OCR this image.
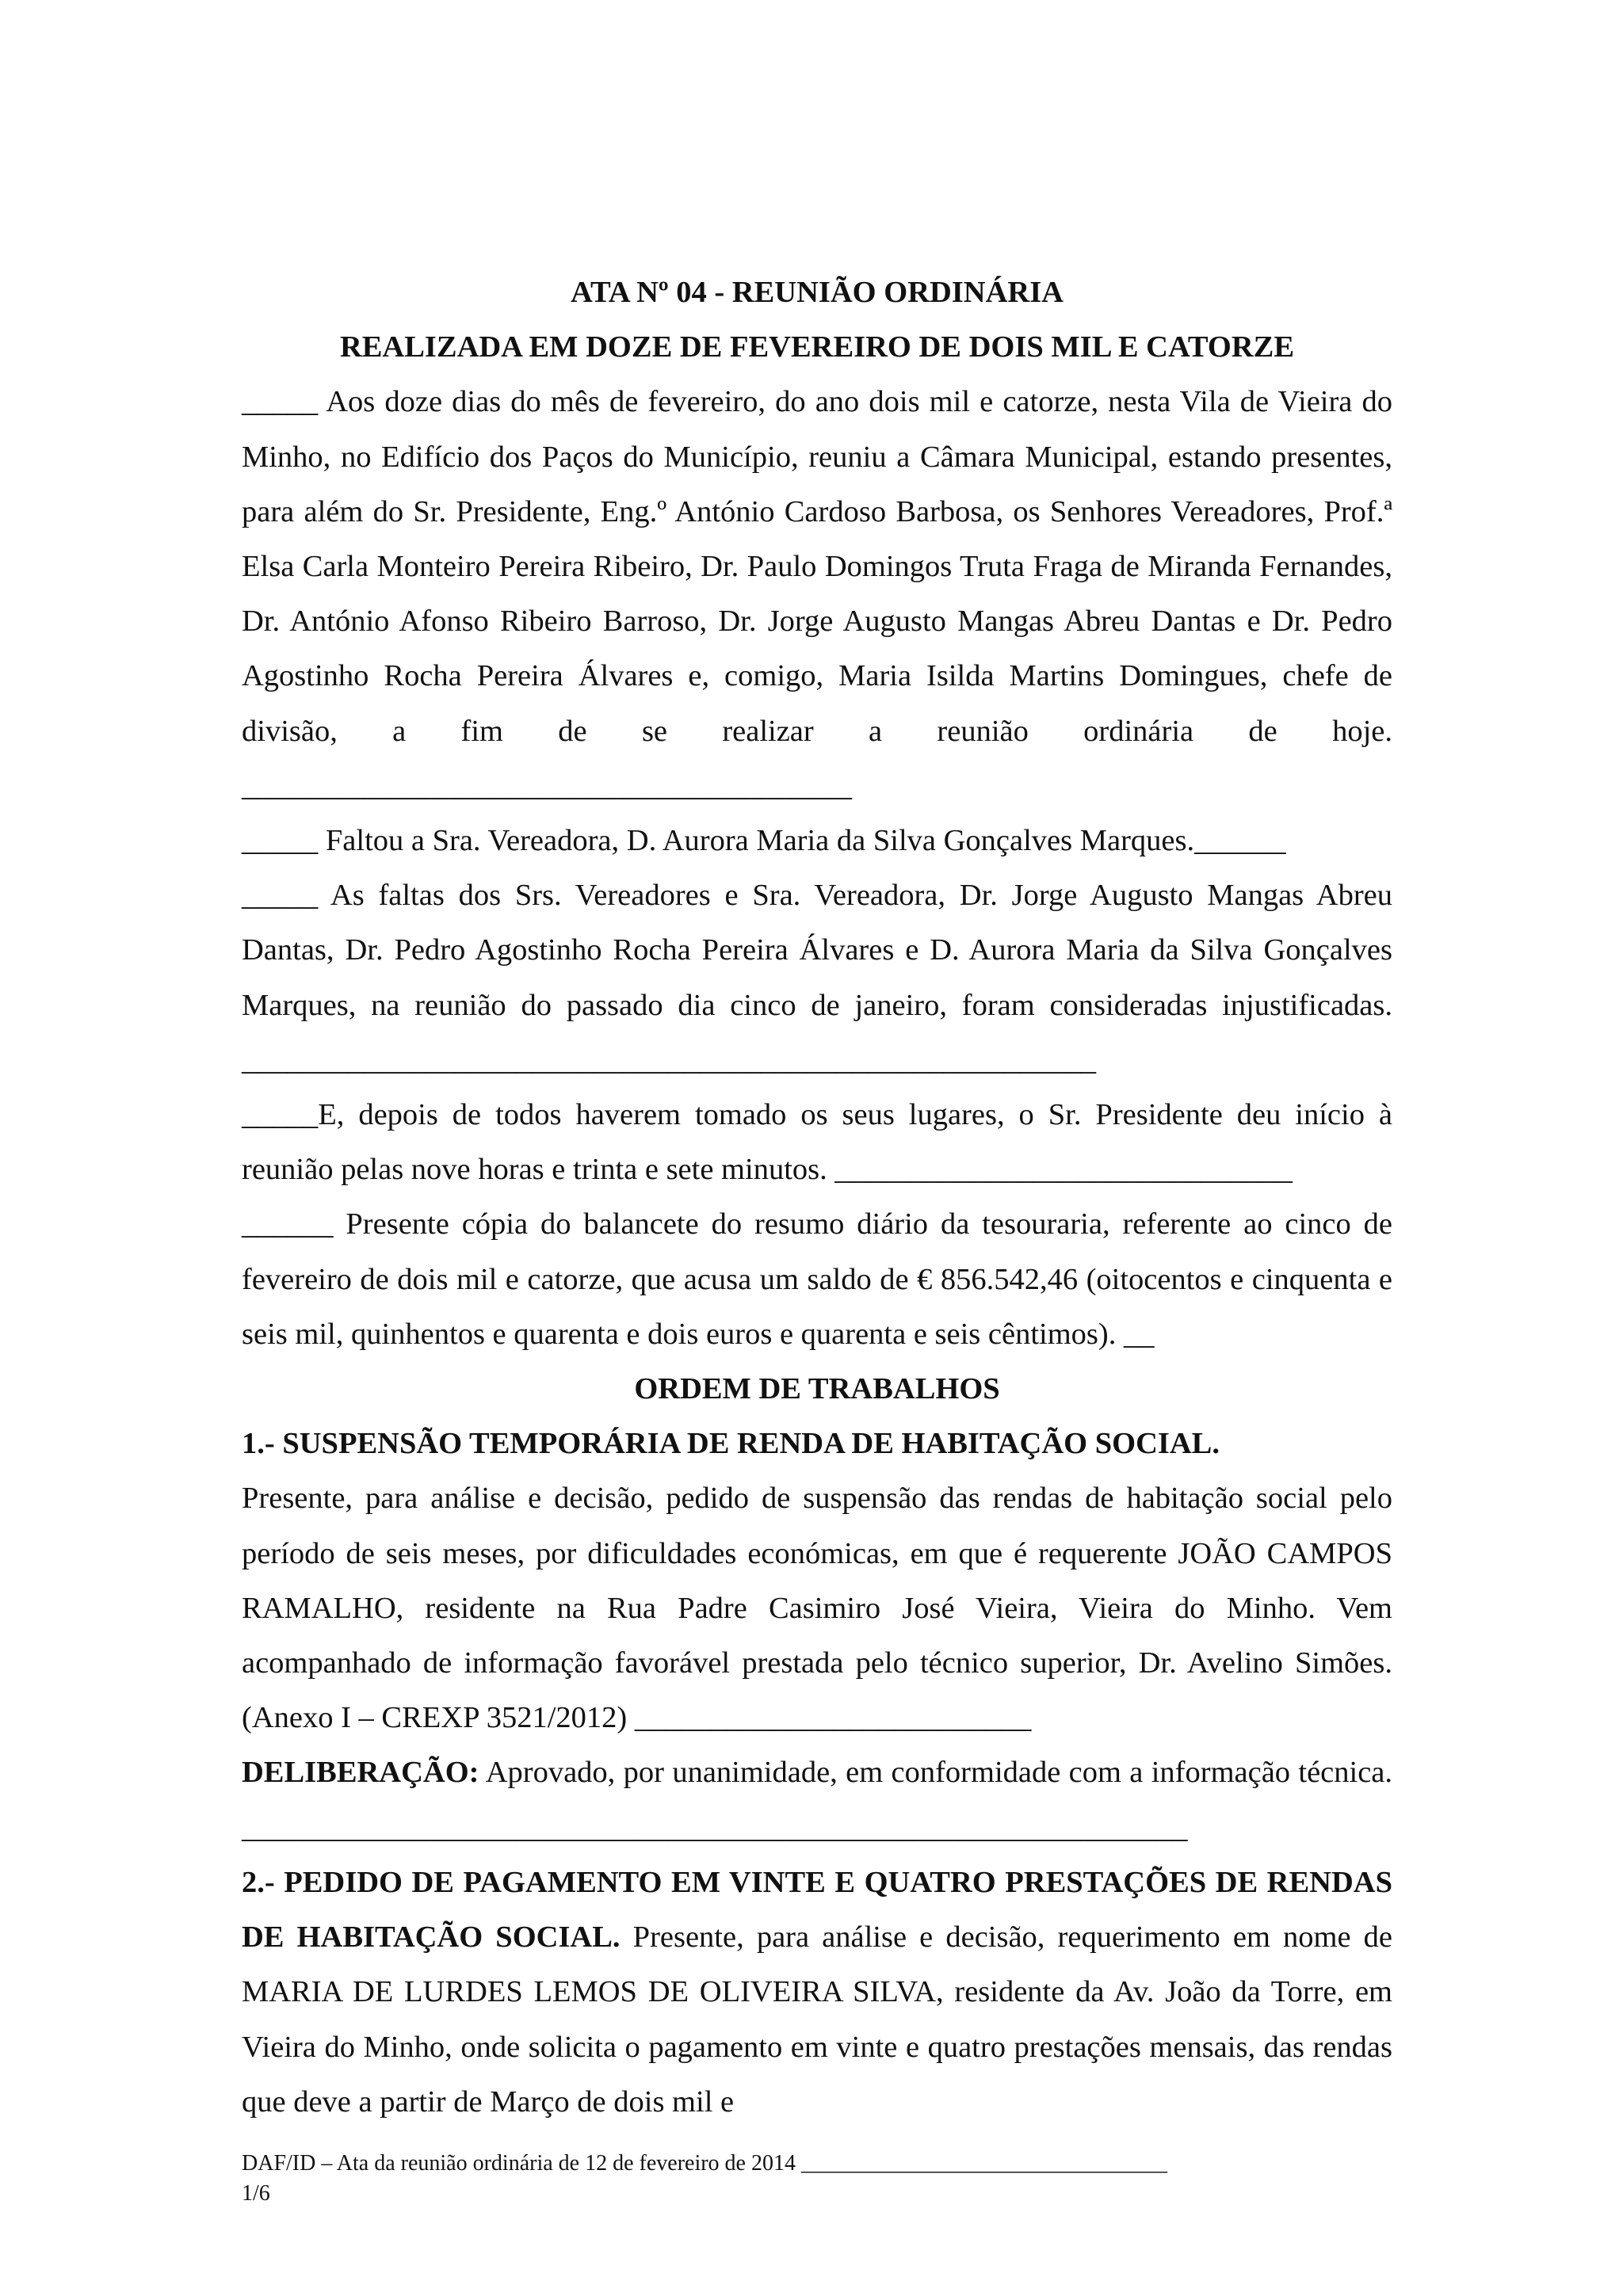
ATA Nº 04 - REUNIÃO ORDINÁRIA

REALIZADA EM DOZE DE FEVEREIRO DE DOIS MIL E CATORZE

_____ Aos doze dias do mês de fevereiro, do ano dois mil e catorze, nesta Vila de Vieira do Minho, no Edifício dos Paços do Município, reuniu a Câmara Municipal, estando presentes, para além do Sr. Presidente, Eng.º António Cardoso Barbosa, os Senhores Vereadores, Prof.ª Elsa Carla Monteiro Pereira Ribeiro, Dr. Paulo Domingos Truta Fraga de Miranda Fernandes, Dr. António Afonso Ribeiro Barroso, Dr. Jorge Augusto Mangas Abreu Dantas e Dr. Pedro Agostinho Rocha Pereira Álvares e, comigo, Maria Isilda Martins Domingues, chefe de divisão, a fim de se realizar a reunião ordinária de hoje. ________________________________________

_____ Faltou a Sra. Vereadora, D. Aurora Maria da Silva Gonçalves Marques.______

_____ As faltas dos Srs. Vereadores e Sra. Vereadora, Dr. Jorge Augusto Mangas Abreu Dantas, Dr. Pedro Agostinho Rocha Pereira Álvares e D. Aurora Maria da Silva Gonçalves Marques, na reunião do passado dia cinco de janeiro, foram consideradas injustificadas. ________________________________________________________

_____E, depois de todos haverem tomado os seus lugares, o Sr. Presidente deu início à reunião pelas nove horas e trinta e sete minutos. ______________________________

______ Presente cópia do balancete do resumo diário da tesouraria, referente ao cinco de fevereiro de dois mil e catorze, que acusa um saldo de € 856.542,46 (oitocentos e cinquenta e seis mil, quinhentos e quarenta e dois euros e quarenta e seis cêntimos). __

ORDEM DE TRABALHOS

1.- SUSPENSÃO TEMPORÁRIA DE RENDA DE HABITAÇÃO SOCIAL.

Presente, para análise e decisão, pedido de suspensão das rendas de habitação social pelo período de seis meses, por dificuldades económicas, em que é requerente JOÃO CAMPOS RAMALHO, residente na Rua Padre Casimiro José Vieira, Vieira do Minho. Vem acompanhado de informação favorável prestada pelo técnico superior, Dr. Avelino Simões. (Anexo I – CREXP 3521/2012) __________________________

DELIBERAÇÃO: Aprovado, por unanimidade, em conformidade com a informação técnica. ______________________________________________________________

2.- PEDIDO DE PAGAMENTO EM VINTE E QUATRO PRESTAÇÕES DE RENDAS DE HABITAÇÃO SOCIAL. Presente, para análise e decisão, requerimento em nome de MARIA DE LURDES LEMOS DE OLIVEIRA SILVA, residente da Av. João da Torre, em Vieira do Minho, onde solicita o pagamento em vinte e quatro prestações mensais, das rendas que deve a partir de Março de dois mil e

DAF/ID – Ata da reunião ordinária de 12 de fevereiro de 2014 _________________________________
1/6
